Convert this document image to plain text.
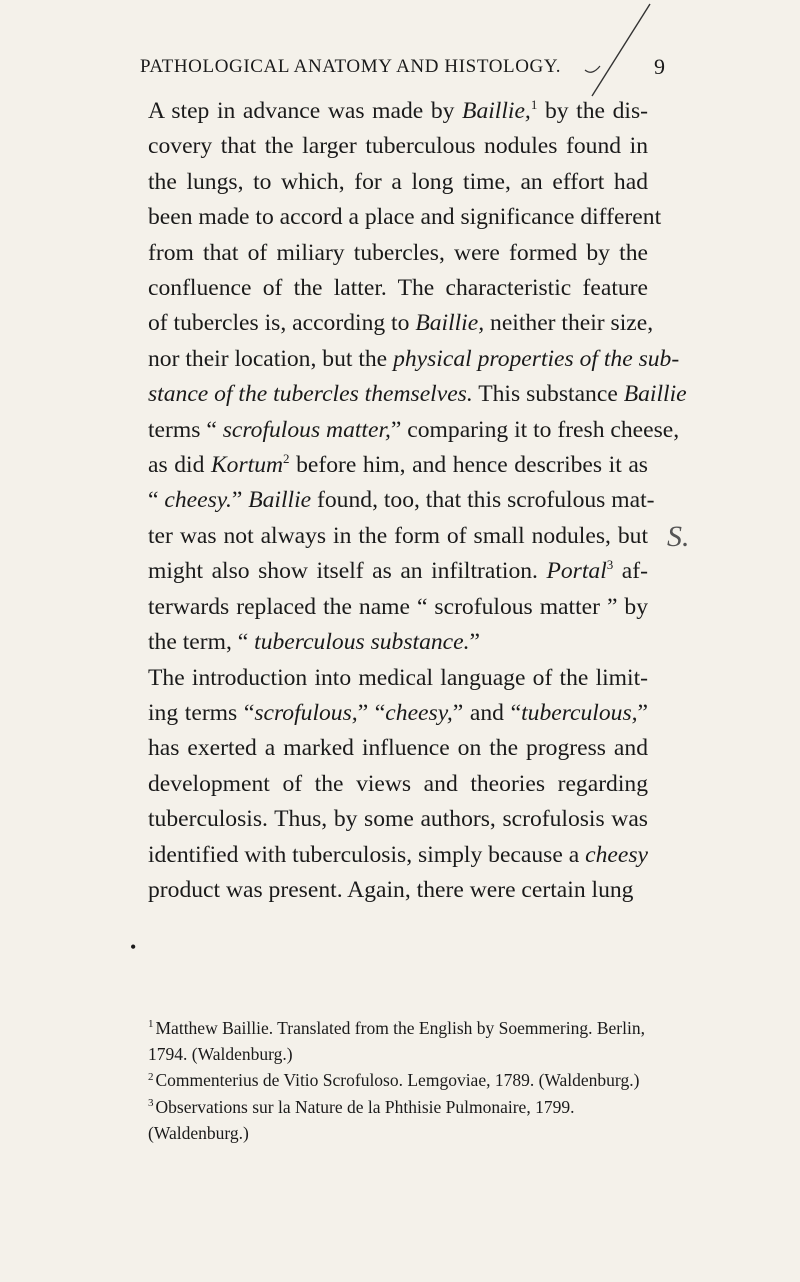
PATHOLOGICAL ANATOMY AND HISTOLOGY.	9
A step in advance was made by Baillie,$^1$ by the dis-
covery that the larger tuberculous nodules found in
the lungs, to which, for a long time, an effort had
been made to accord a place and significance different
from that of miliary tubercles, were formed by the
confluence of the latter. The characteristic feature
of tubercles is, according to Baillie, neither their size,
nor their location, but the physical properties of the sub-
stance of the tubercles themselves. This substance Baillie
terms “ scrofulous matter,” comparing it to fresh cheese,
as did Kortum$^2$ before him, and hence describes it as
“ cheesy.” Baillie found, too, that this scrofulous mat-
ter was not always in the form of small nodules, but
might also show itself as an infiltration. Portal$^3$ af-
terwards replaced the name “ scrofulous matter ” by
the term, “ tuberculous substance.”
The introduction into medical language of the limit-
ing terms “scrofulous,” “cheesy,” and “tuberculous,”
has exerted a marked influence on the progress and
development of the views and theories regarding
tuberculosis. Thus, by some authors, scrofulosis was
identified with tuberculosis, simply because a cheesy
product was present. Again, there were certain lung
S.
•
$^1$ Matthew Baillie. Translated from the English by Soemmering. Berlin, 1794. (Waldenburg.)
$^2$ Commenterius de Vitio Scrofuloso. Lemgoviae, 1789. (Waldenburg.)
$^3$ Observations sur la Nature de la Phthisie Pulmonaire, 1799. (Waldenburg.)
